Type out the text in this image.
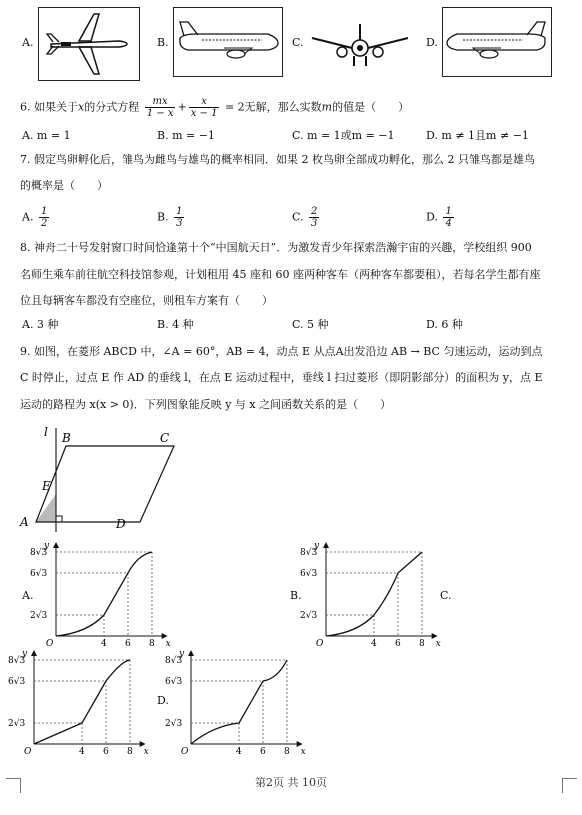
A.	B.	C.	D.
6. 如果关于x的分式方程 $\frac{mx}{1 - x} + \frac{x}{x - 1} = 2$无解，那么实数m的值是（　　）
A. m = 1	B. m = −1	C. m = 1或m = −1	D. m ≠ 1且m ≠ −1
7. 假定鸟卵孵化后，雏鸟为雌鸟与雄鸟的概率相同．如果 2 枚鸟卵全部成功孵化，那么 2 只雏鸟都是雄鸟
的概率是（　　）
A. $\frac{1}{2}$	B. $\frac{1}{3}$	C. $\frac{2}{3}$	D. $\frac{1}{4}$
8. 神舟二十号发射窗口时间恰逢第十个“中国航天日”．为激发青少年探索浩瀚宇宙的兴趣，学校组织 900
名师生乘车前往航空科技馆参观，计划租用 45 座和 60 座两种客车（两种客车都要租），若每名学生都有座
位且每辆客车都没有空座位，则租车方案有（　　）
A. 3 种	B. 4 种	C. 5 种	D. 6 种
9. 如图，在菱形 ABCD 中，∠A = 60°，AB = 4，动点 E 从点A出发沿边 AB → BC 匀速运动，运动到点
C 时停止，过点 E 作 AD 的垂线 l，在点 E 运动过程中，垂线 l 扫过菱形（即阴影部分）的面积为 y，点 E
运动的路程为 x(x > 0)．下列图象能反映 y 与 x 之间函数关系的是（　　）
l
A
B	C
D
E
A.	B.	C.
D.
y
x
O
8√3
6√3
2√3
4 6 8
y
x
O
8√3
6√3
2√3
4 6 8
y
x
O
8√3
6√3
2√3
4 6 8
y
x
O
8√3
6√3
2√3
4 6 8
第2页 共 10页
